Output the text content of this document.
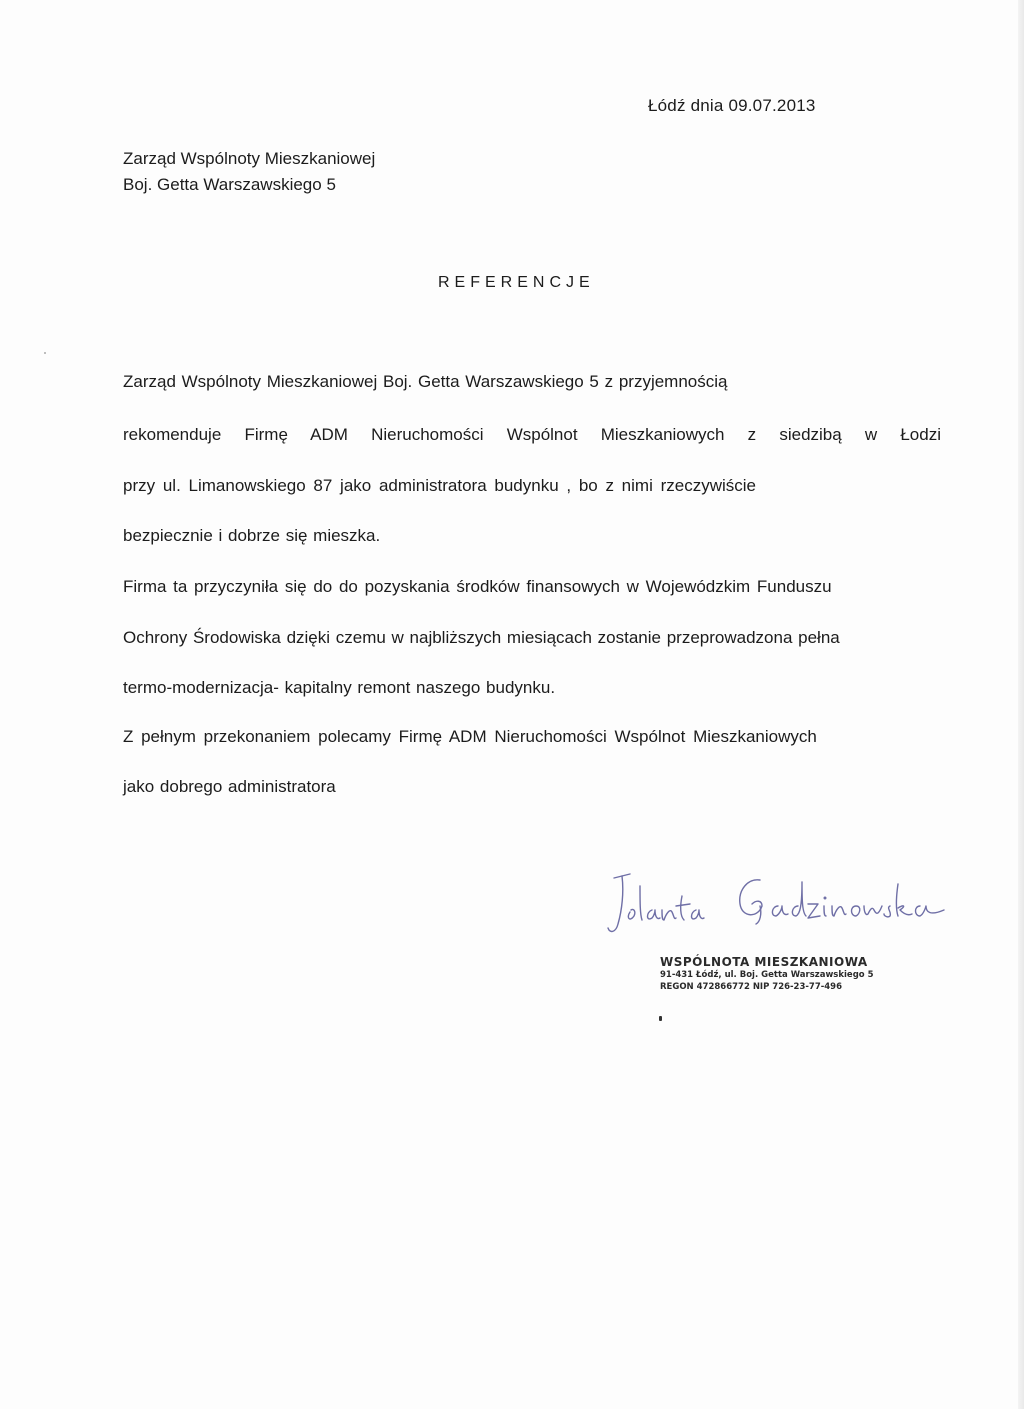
Łódź dnia 09.07.2013
Zarząd Wspólnoty Mieszkaniowej
Boj. Getta Warszawskiego 5
REFERENCJE
Zarząd Wspólnoty Mieszkaniowej Boj. Getta Warszawskiego 5 z przyjemnością
rekomenduje Firmę ADM Nieruchomości Wspólnot Mieszkaniowych z siedzibą w Łodzi
przy ul. Limanowskiego 87 jako administratora budynku , bo z nimi rzeczywiście
bezpiecznie i dobrze się mieszka.
Firma ta przyczyniła się do do pozyskania środków finansowych w Wojewódzkim Funduszu
Ochrony Środowiska dzięki czemu w najbliższych miesiącach zostanie przeprowadzona pełna
termo-modernizacja- kapitalny remont naszego budynku.
Z pełnym przekonaniem polecamy Firmę ADM Nieruchomości Wspólnot Mieszkaniowych
jako dobrego administratora
WSPÓLNOTA MIESZKANIOWA
91-431 Łódź, ul. Boj. Getta Warszawskiego 5
REGON 472866772 NIP 726-23-77-496
